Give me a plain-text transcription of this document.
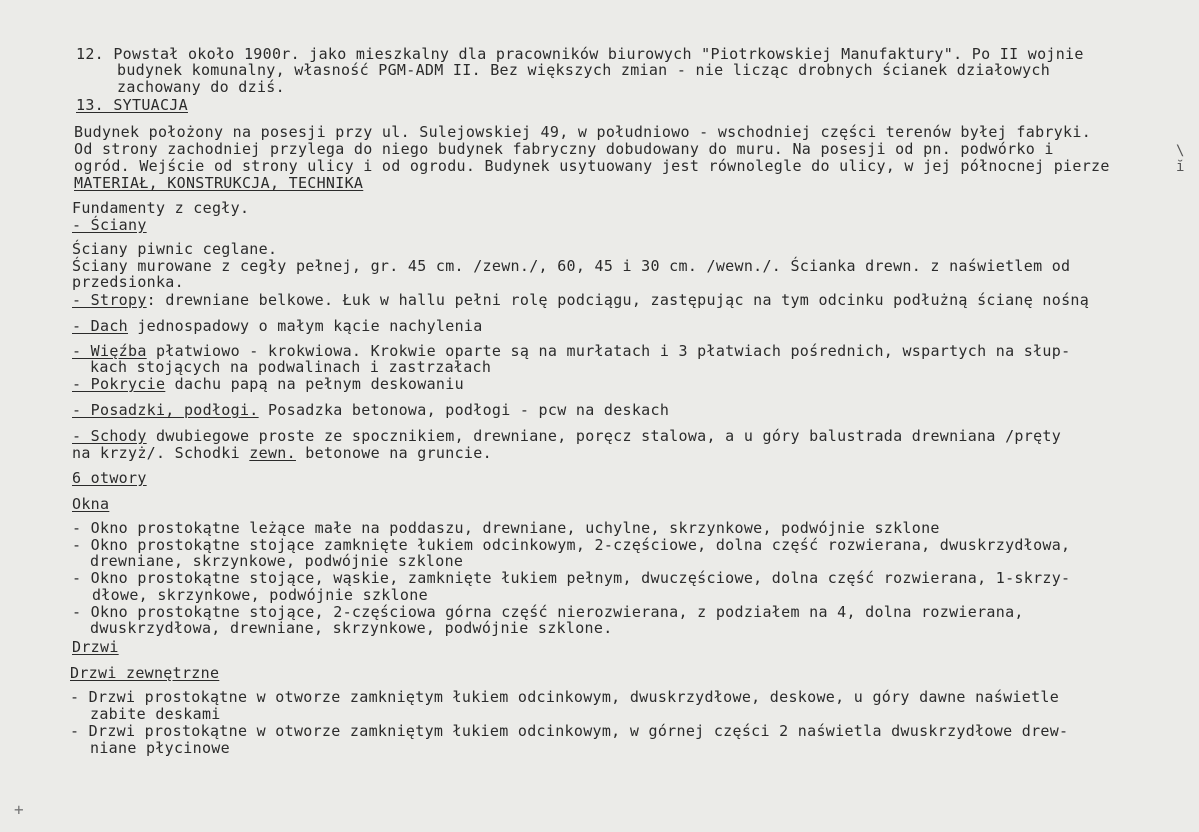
12. Powstał około 1900r. jako mieszkalny dla pracowników biurowych "Piotrkowskiej Manufaktury". Po II wojnie
budynek komunalny, własność PGM-ADM II. Bez większych zmian - nie licząc drobnych ścianek działowych
zachowany do dziś.
13. SYTUACJA
Budynek położony na posesji przy ul. Sulejowskiej 49, w południowo - wschodniej części terenów byłej fabryki.
Od strony zachodniej przylega do niego budynek fabryczny dobudowany do muru. Na posesji od pn. podwórko i
ogród. Wejście od strony ulicy i od ogrodu. Budynek usytuowany jest równolegle do ulicy, w jej północnej pierze
MATERIAŁ, KONSTRUKCJA, TECHNIKA
Fundamenty z cegły.
- Ściany
Ściany piwnic ceglane.
Ściany murowane z cegły pełnej, gr. 45 cm. /zewn./, 60, 45 i 30 cm. /wewn./. Ścianka drewn. z naświetlem od
przedsionka.
- Stropy: drewniane belkowe. Łuk w hallu pełni rolę podciągu, zastępując na tym odcinku podłużną ścianę nośną
- Dach jednospadowy o małym kącie nachylenia
- Więźba płatwiowo - krokwiowa. Krokwie oparte są na murłatach i 3 płatwiach pośrednich, wspartych na słup-
kach stojących na podwalinach i zastrzałach
- Pokrycie dachu papą na pełnym deskowaniu
- Posadzki, podłogi. Posadzka betonowa, podłogi - pcw na deskach
- Schody dwubiegowe proste ze spocznikiem, drewniane, poręcz stalowa, a u góry balustrada drewniana /pręty
na krzyż/. Schodki zewn. betonowe na gruncie.
6 otwory
Okna
- Okno prostokątne leżące małe na poddaszu, drewniane, uchylne, skrzynkowe, podwójnie szklone
- Okno prostokątne stojące zamknięte łukiem odcinkowym, 2-częściowe, dolna część rozwierana, dwuskrzydłowa,
drewniane, skrzynkowe, podwójnie szklone
- Okno prostokątne stojące, wąskie, zamknięte łukiem pełnym, dwuczęściowe, dolna część rozwierana, 1-skrzy-
dłowe, skrzynkowe, podwójnie szklone
- Okno prostokątne stojące, 2-częściowa górna część nierozwierana, z podziałem na 4, dolna rozwierana,
dwuskrzydłowa, drewniane, skrzynkowe, podwójnie szklone.
Drzwi
Drzwi zewnętrzne
- Drzwi prostokątne w otworze zamkniętym łukiem odcinkowym, dwuskrzydłowe, deskowe, u góry dawne naświetle
zabite deskami
- Drzwi prostokątne w otworze zamkniętym łukiem odcinkowym, w górnej części 2 naświetla dwuskrzydłowe drew-
niane płycinowe
\ ĭ
+
